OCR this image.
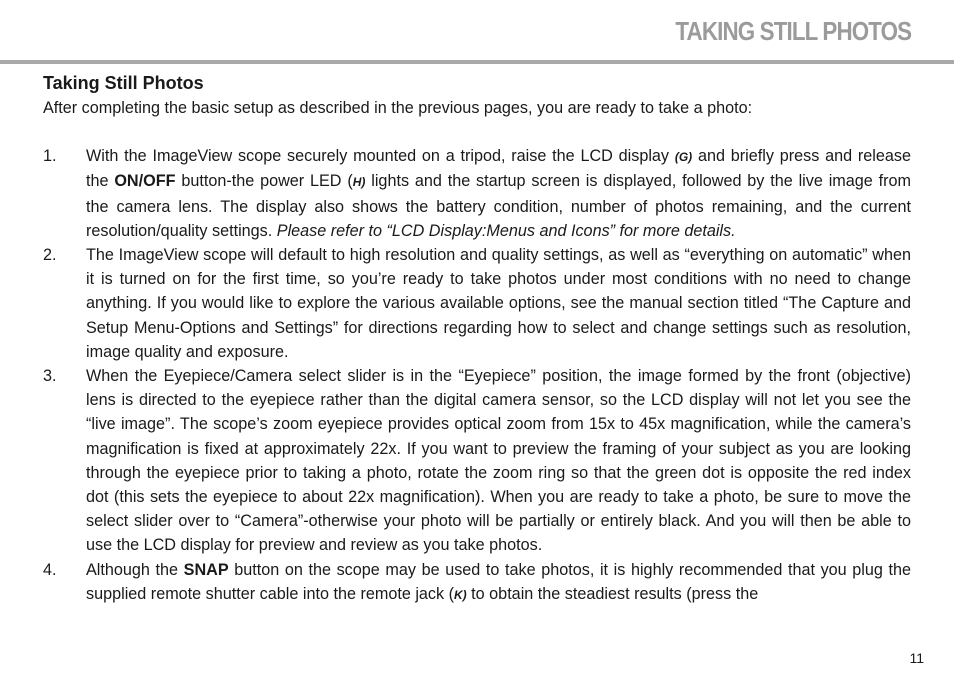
TAKING STILL PHOTOS
Taking Still Photos

After completing the basic setup as described in the previous pages, you are ready to take a photo:

1. With the ImageView scope securely mounted on a tripod, raise the LCD display (G) and briefly press and release the ON/OFF button-the power LED (H) lights and the startup screen is displayed, followed by the live image from the camera lens. The display also shows the battery condition, number of photos remaining, and the current resolution/quality settings. Please refer to “LCD Display:Menus and Icons” for more details.
2. The ImageView scope will default to high resolution and quality settings, as well as “everything on automatic” when it is turned on for the first time, so you’re ready to take photos under most conditions with no need to change anything. If you would like to explore the various available options, see the manual section titled “The Capture and Setup Menu-Options and Settings” for directions regarding how to select and change settings such as resolution, image quality and exposure.
3. When the Eyepiece/Camera select slider is in the “Eyepiece” position, the image formed by the front (objective) lens is directed to the eyepiece rather than the digital camera sensor, so the LCD display will not let you see the “live image”. The scope’s zoom eyepiece provides optical zoom from 15x to 45x magnification, while the camera’s magnification is fixed at approximately 22x. If you want to preview the framing of your subject as you are looking through the eyepiece prior to taking a photo, rotate the zoom ring so that the green dot is opposite the red index dot (this sets the eyepiece to about 22x magnification). When you are ready to take a photo, be sure to move the select slider over to “Camera”-otherwise your photo will be partially or entirely black. And you will then be able to use the LCD display for preview and review as you take photos.
4. Although the SNAP button on the scope may be used to take photos, it is highly recommended that you plug the supplied remote shutter cable into the remote jack (K) to obtain the steadiest results (press the
11
